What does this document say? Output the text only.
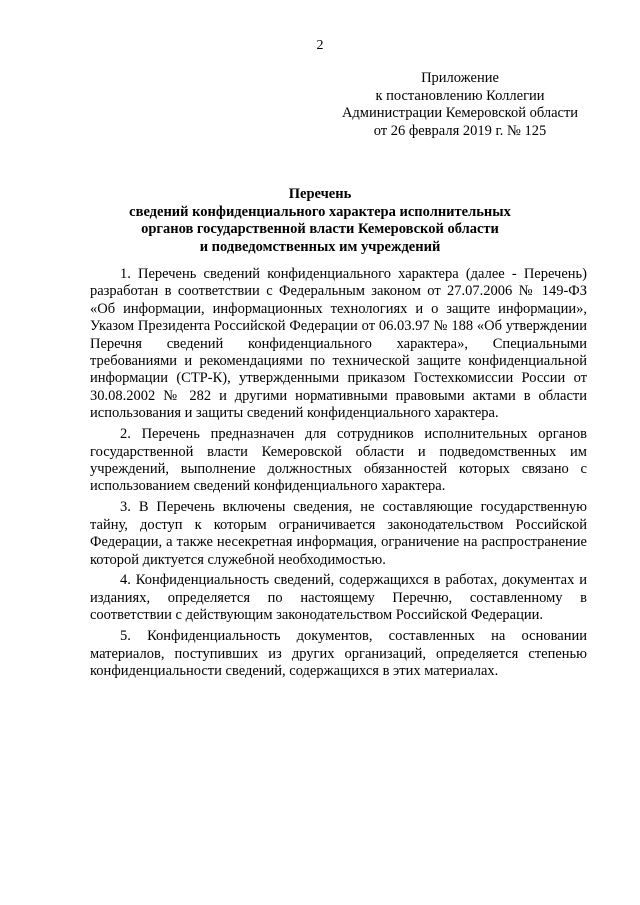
2
Приложение
к постановлению Коллегии
Администрации Кемеровской области
от 26 февраля 2019 г. № 125
Перечень
сведений конфиденциального характера исполнительных
органов государственной власти Кемеровской области
и подведомственных им учреждений

1. Перечень сведений конфиденциального характера (далее - Перечень) разработан в соответствии с Федеральным законом от 27.07.2006 № 149-ФЗ «Об информации, информационных технологиях и о защите информации», Указом Президента Российской Федерации от 06.03.97 № 188 «Об утверждении Перечня сведений конфиденциального характера», Специальными требованиями и рекомендациями по технической защите конфиденциальной информации (СТР-К), утвержденными приказом Гостехкомиссии России от 30.08.2002 № 282 и другими нормативными правовыми актами в области использования и защиты сведений конфиденциального характера.

2. Перечень предназначен для сотрудников исполнительных органов государственной власти Кемеровской области и подведомственных им учреждений, выполнение должностных обязанностей которых связано с использованием сведений конфиденциального характера.

3. В Перечень включены сведения, не составляющие государственную тайну, доступ к которым ограничивается законодательством Российской Федерации, а также несекретная информация, ограничение на распространение которой диктуется служебной необходимостью.

4. Конфиденциальность сведений, содержащихся в работах, документах и изданиях, определяется по настоящему Перечню, составленному в соответствии с действующим законодательством Российской Федерации.

5. Конфиденциальность документов, составленных на основании материалов, поступивших из других организаций, определяется степенью конфиденциальности сведений, содержащихся в этих материалах.
